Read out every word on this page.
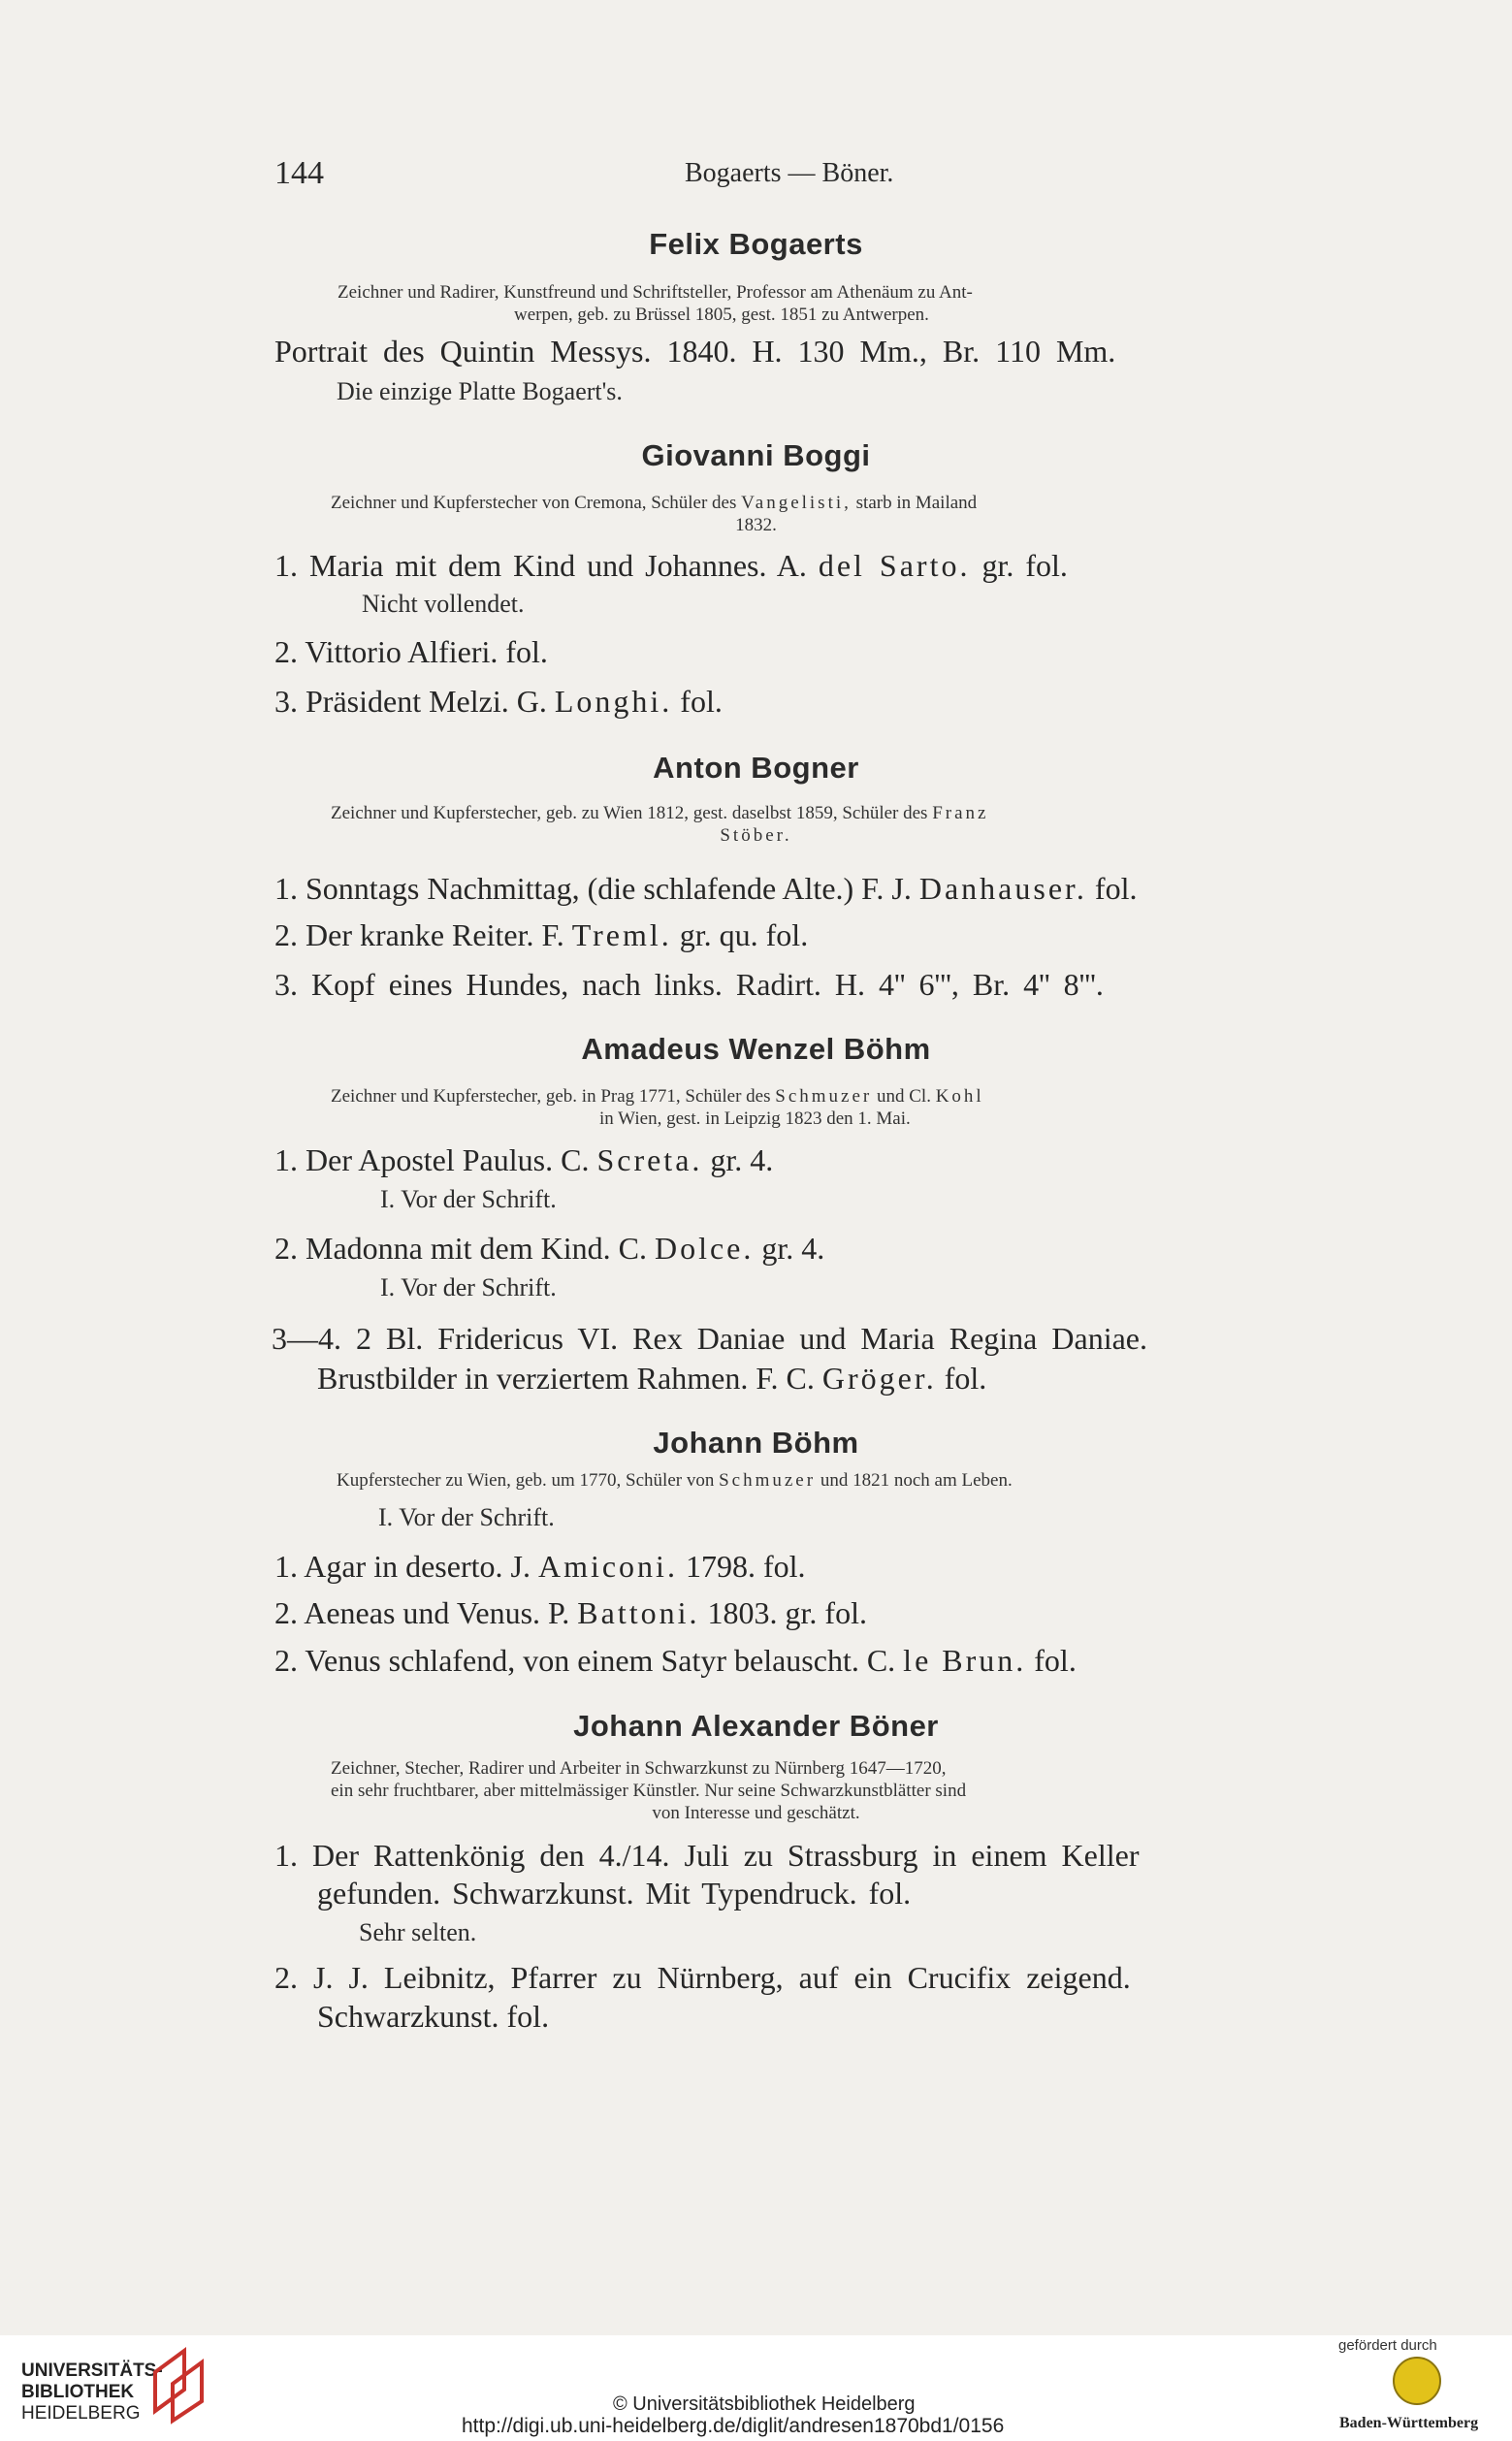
144	Bogaerts — Böner.
Felix Bogaerts
Zeichner und Radirer, Kunstfreund und Schriftsteller, Professor am Athenäum zu Ant-
werpen, geb. zu Brüssel 1805, gest. 1851 zu Antwerpen.
Portrait des Quintin Messys. 1840. H. 130 Mm., Br. 110 Mm.
Die einzige Platte Bogaert's.
Giovanni Boggi
Zeichner und Kupferstecher von Cremona, Schüler des Vangelisti, starb in Mailand
1832.
1. Maria mit dem Kind und Johannes. A. del Sarto. gr. fol.
Nicht vollendet.
2. Vittorio Alfieri. fol.
3. Präsident Melzi. G. Longhi. fol.
Anton Bogner
Zeichner und Kupferstecher, geb. zu Wien 1812, gest. daselbst 1859, Schüler des Franz
Stöber.
1. Sonntags Nachmittag, (die schlafende Alte.) F. J. Danhauser. fol.
2. Der kranke Reiter. F. Treml. gr. qu. fol.
3. Kopf eines Hundes, nach links. Radirt. H. 4'' 6''', Br. 4'' 8'''.
Amadeus Wenzel Böhm
Zeichner und Kupferstecher, geb. in Prag 1771, Schüler des Schmuzer und Cl. Kohl
in Wien, gest. in Leipzig 1823 den 1. Mai.
1. Der Apostel Paulus. C. Screta. gr. 4.
I. Vor der Schrift.
2. Madonna mit dem Kind. C. Dolce. gr. 4.
I. Vor der Schrift.
3—4. 2 Bl. Fridericus VI. Rex Daniae und Maria Regina Daniae.
Brustbilder in verziertem Rahmen. F. C. Gröger. fol.
Johann Böhm
Kupferstecher zu Wien, geb. um 1770, Schüler von Schmuzer und 1821 noch am Leben.
I. Vor der Schrift.
1. Agar in deserto. J. Amiconi. 1798. fol.
2. Aeneas und Venus. P. Battoni. 1803. gr. fol.
2. Venus schlafend, von einem Satyr belauscht. C. le Brun. fol.
Johann Alexander Böner
Zeichner, Stecher, Radirer und Arbeiter in Schwarzkunst zu Nürnberg 1647—1720,
ein sehr fruchtbarer, aber mittelmässiger Künstler. Nur seine Schwarzkunstblätter sind
von Interesse und geschätzt.
1. Der Rattenkönig den 4./14. Juli zu Strassburg in einem Keller
gefunden. Schwarzkunst. Mit Typendruck. fol.
Sehr selten.
2. J. J. Leibnitz, Pfarrer zu Nürnberg, auf ein Crucifix zeigend.
Schwarzkunst. fol.
UNIVERSITÄTS-
BIBLIOTHEK
HEIDELBERG	© Universitätsbibliothek Heidelberg
http://digi.ub.uni-heidelberg.de/diglit/andresen1870bd1/0156
gefördert durch
Baden-Württemberg
